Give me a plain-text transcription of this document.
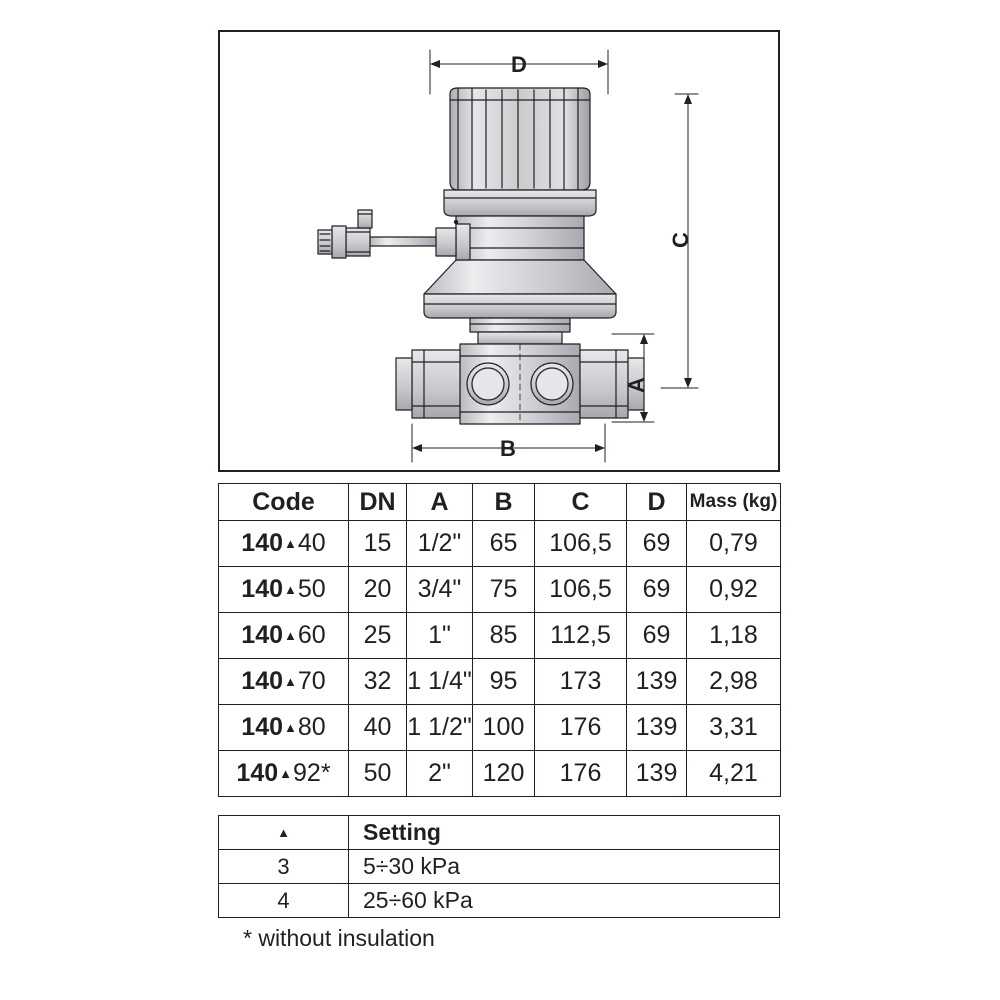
D
C
A
B
Code	DN	A	B	C	D	Mass (kg)
140▲40	15	1/2"	65	106,5	69	0,79
140▲50	20	3/4"	75	106,5	69	0,92
140▲60	25	1"	85	112,5	69	1,18
140▲70	32	1 1/4"	95	173	139	2,98
140▲80	40	1 1/2"	100	176	139	3,31
140▲92*	50	2"	120	176	139	4,21
▲	Setting
3	5÷30 kPa
4	25÷60 kPa
* without insulation
